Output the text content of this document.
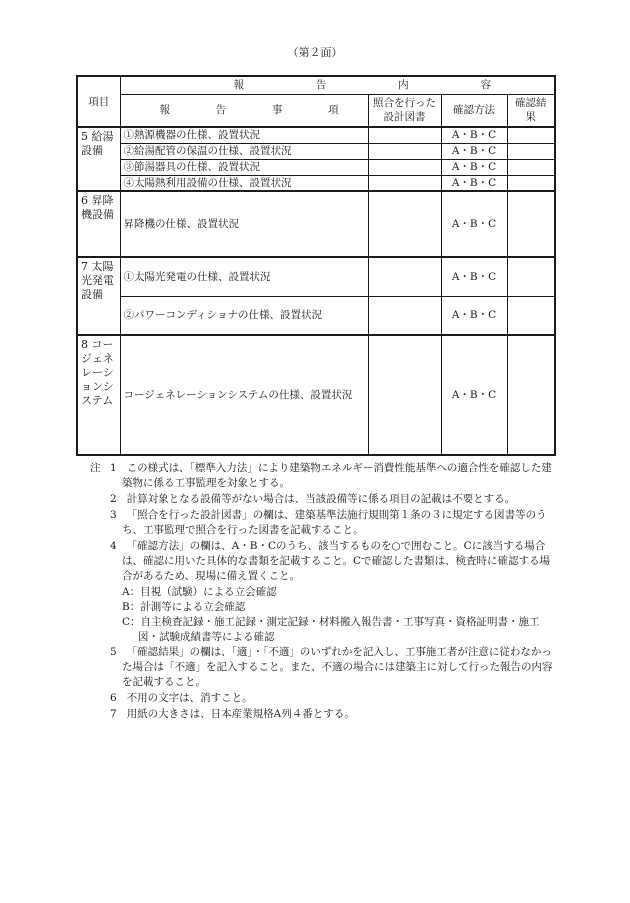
（第２面）
項目	報 告 内 容			

	報 告 事 項	照合を行った設計図書	確認方法	確認結果
5 給湯設備	①熱源機器の仕様、設置状況		A・B・C	
	②給湯配管の保温の仕様、設置状況		A・B・C	
	③節湯器具の仕様、設置状況		A・B・C	
	④太陽熱利用設備の仕様、設置状況		A・B・C	
6 昇降機設備	昇降機の仕様、設置状況		A・B・C	
7 太陽光発電設備	①太陽光発電の仕様、設置状況		A・B・C	
	②パワーコンディショナの仕様、設置状況		A・B・C	
8 コージェネレーションシステム	コージェネレーションシステムの仕様、設置状況		A・B・C	
注 1 この様式は、「標準入力法」により建築物エネルギー消費性能基準への適合性を確認した建築物に係る工事監理を対象とする。
2 計算対象となる設備等がない場合は、当該設備等に係る項目の記載は不要とする。
3 「照合を行った設計図書」の欄は、建築基準法施行規則第１条の３に規定する図書等のうち、工事監理で照合を行った図書を記載すること。
4 「確認方法」の欄は、A・B・Cのうち、該当するものを○で囲むこと。Cに該当する場合は、確認に用いた具体的な書類を記載すること。Cで確認した書類は、検査時に確認する場合があるため、現場に備え置くこと。
A：目視（試験）による立会確認
B：計測等による立会確認
C：自主検査記録・施工記録・測定記録・材料搬入報告書・工事写真・資格証明書・施工図・試験成績書等による確認
5 「確認結果」の欄は、「適」・「不適」のいずれかを記入し、工事施工者が注意に従わなかった場合は「不適」を記入すること。また、不適の場合には建築主に対して行った報告の内容を記載すること。
6 不用の文字は、消すこと。
7 用紙の大きさは、日本産業規格A列４番とする。
